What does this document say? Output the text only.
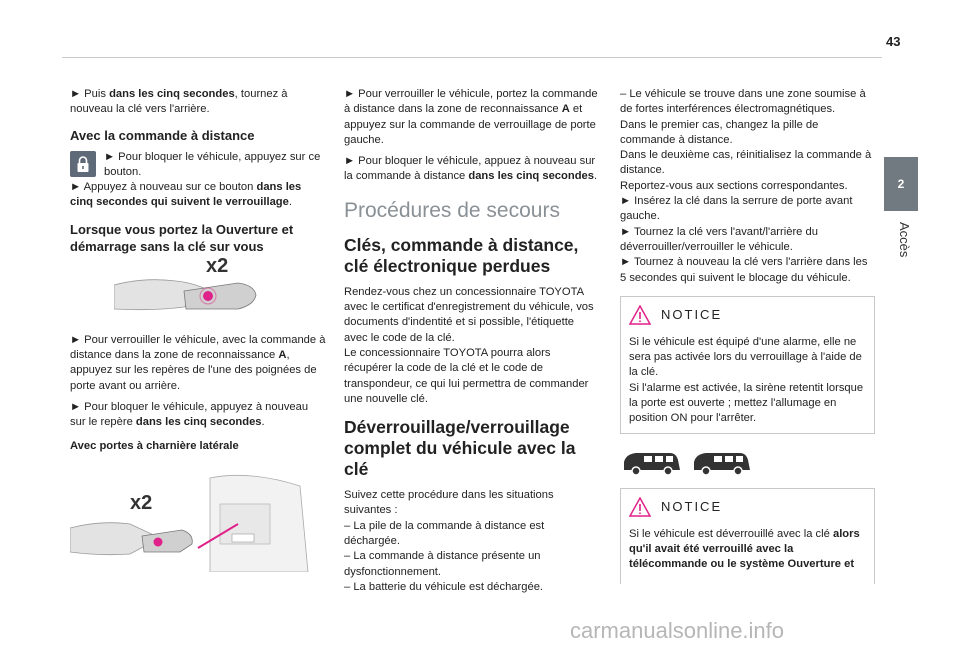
43
2
Accès

► Puis dans les cinq secondes, tournez à nouveau la clé vers l'arrière.

Avec la commande à distance
► Pour bloquer le véhicule, appuyez sur ce bouton.

► Appuyez à nouveau sur ce bouton dans les cinq secondes qui suivent le verrouillage.

Lorsque vous portez la Ouverture et démarrage sans la clé sur vous
x2

► Pour verrouiller le véhicule, avec la commande à distance dans la zone de reconnaissance A, appuyez sur les repères de l'une des poignées de porte avant ou arrière.

► Pour bloquer le véhicule, appuyez à nouveau sur le repère dans les cinq secondes.

Avec portes à charnière latérale
x2

► Pour verrouiller le véhicule, portez la commande à distance dans la zone de reconnaissance A et appuyez sur la commande de verrouillage de porte gauche.

► Pour bloquer le véhicule, appuez à nouveau sur la commande à distance dans les cinq secondes.

Procédures de secours
Clés, commande à distance, clé électronique perdues

Rendez-vous chez un concessionnaire TOYOTA avec le certificat d'enregistrement du véhicule, vos documents d'indentité et si possible, l'étiquette avec le code de la clé.

Le concessionnaire TOYOTA pourra alors récupérer la code de la clé et le code de transpondeur, ce qui lui permettra de commander une nouvelle clé.

Déverrouillage/verrouillage complet du véhicule avec la clé

Suivez cette procédure dans les situations suivantes :

– La pile de la commande à distance est déchargée.
– La commande à distance présente un dysfonctionnement.
– La batterie du véhicule est déchargée.
– Le véhicule se trouve dans une zone soumise à de fortes interférences électromagnétiques.
Dans le premier cas, changez la pille de commande à distance.
Dans le deuxième cas, réinitialisez la commande à distance.
Reportez-vous aux sections correspondantes.
► Insérez la clé dans la serrure de porte avant gauche.
► Tournez la clé vers l'avant/l'arrière du déverrouiller/verrouiller le véhicule.
► Tournez à nouveau la clé vers l'arrière dans les 5 secondes qui suivent le blocage du véhicule.
NOTICE
Si le véhicule est équipé d'une alarme, elle ne sera pas activée lors du verrouillage à l'aide de la clé.
Si l'alarme est activée, la sirène retentit lorsque la porte est ouverte ; mettez l'allumage en position ON pour l'arrêter.
NOTICE
Si le véhicule est déverrouillé avec la clé alors qu'il avait été verrouillé avec la télécommande ou le système Ouverture et
carmanualsonline.info
